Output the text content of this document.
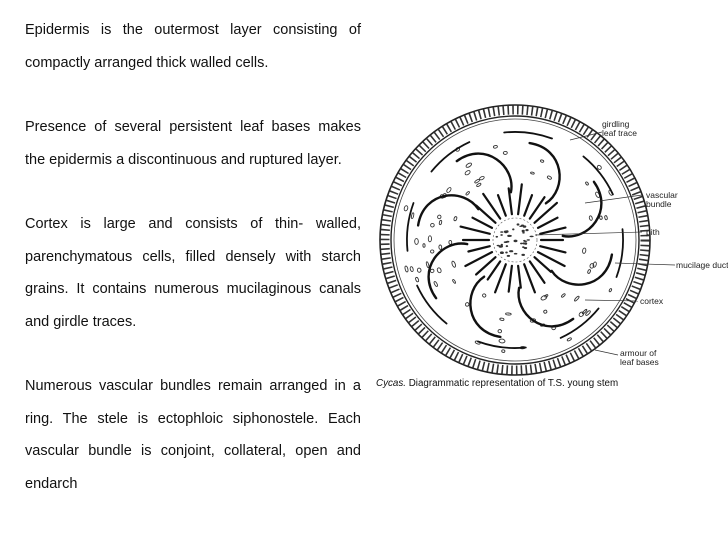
Epidermis is the outermost layer consisting of compactly arranged thick walled cells.

Presence of several persistent leaf bases makes the epidermis a discontinuous and ruptured layer.

Cortex is large and consists of thin- walled, parenchymatous cells, filled densely with starch grains. It contains numerous mucilaginous canals and girdle traces.

Numerous vascular bundles remain arranged in a ring. The stele is ectophloic siphonostele. Each vascular bundle is conjoint, collateral, open and endarch

girdling
leaf trace
vascular
bundle
pith
mucilage duct
cortex
armour of
leaf bases
Cycas. Diagrammatic representation of T.S. young stem
